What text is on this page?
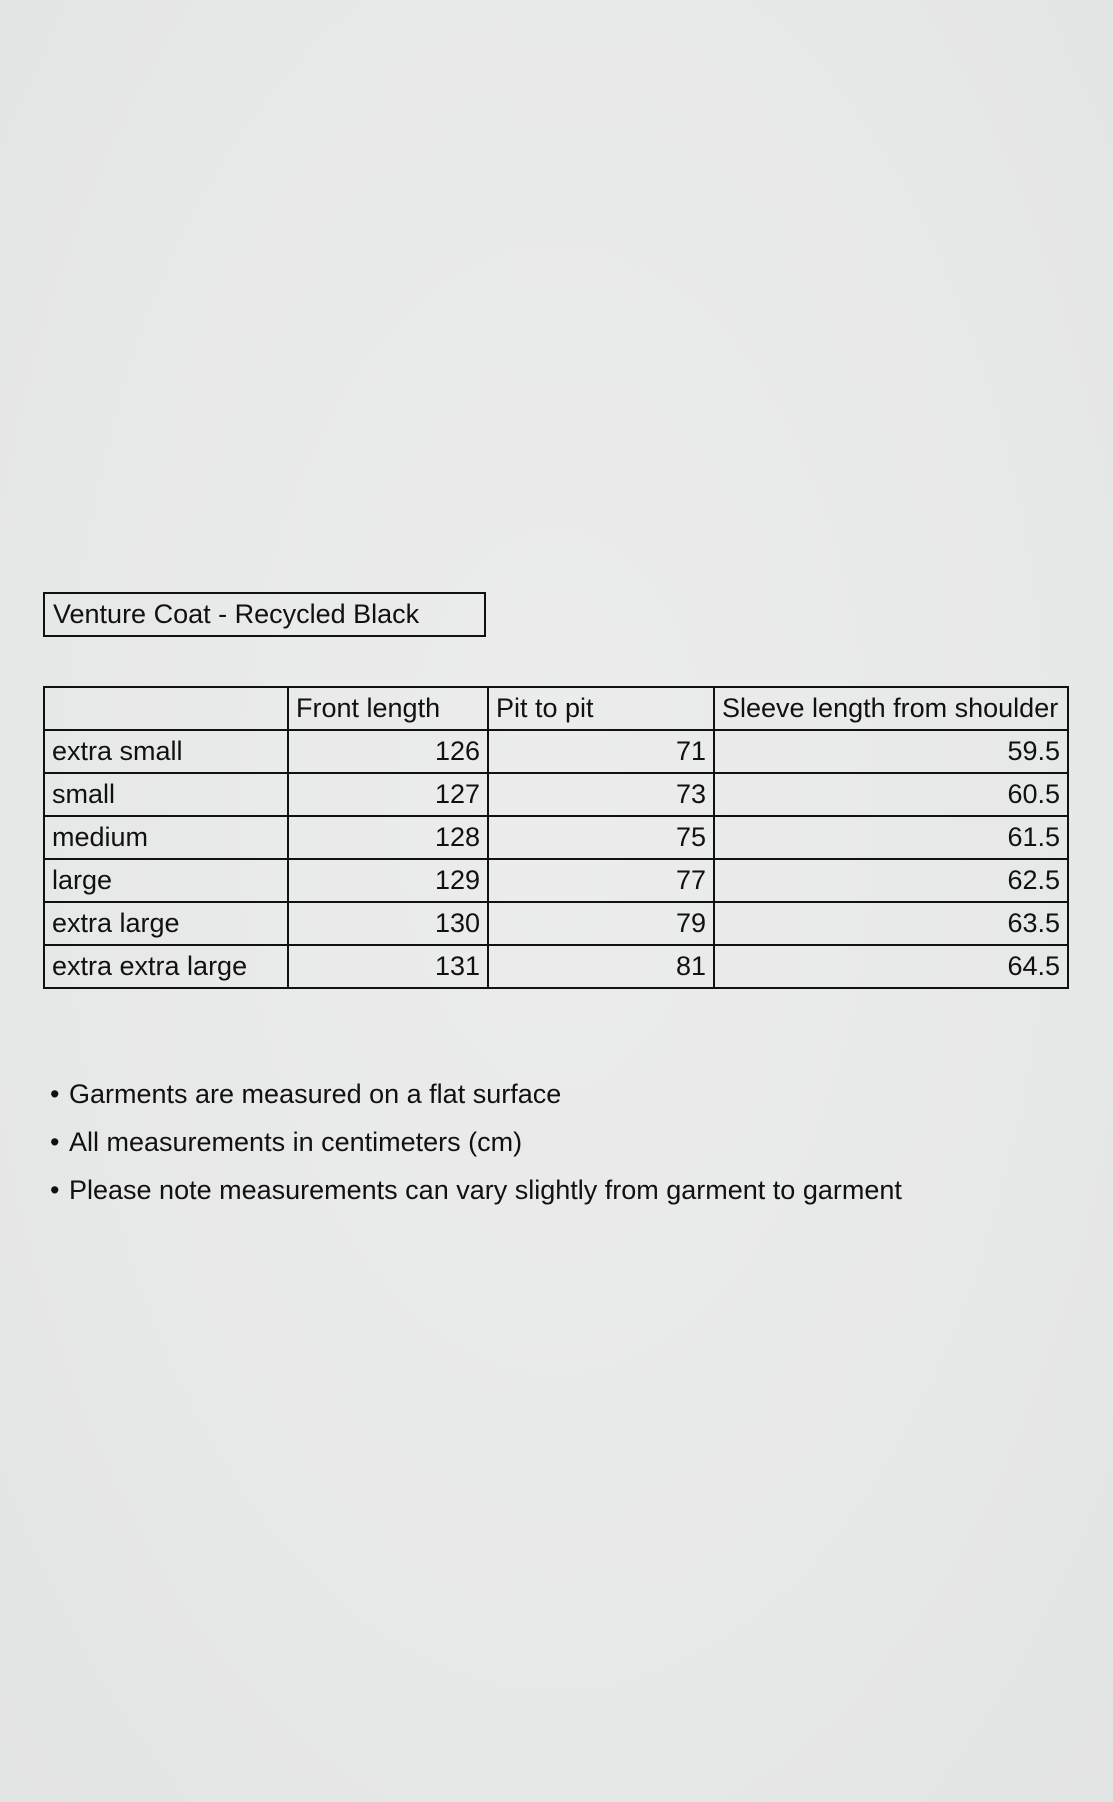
Venture Coat - Recycled Black
	Front length	Pit to pit	Sleeve length from shoulder
extra small	126	71	59.5
small	127	73	60.5
medium	128	75	61.5
large	129	77	62.5
extra large	130	79	63.5
extra extra large	131	81	64.5
• Garments are measured on a flat surface
• All measurements in centimeters (cm)
• Please note measurements can vary slightly from garment to garment
